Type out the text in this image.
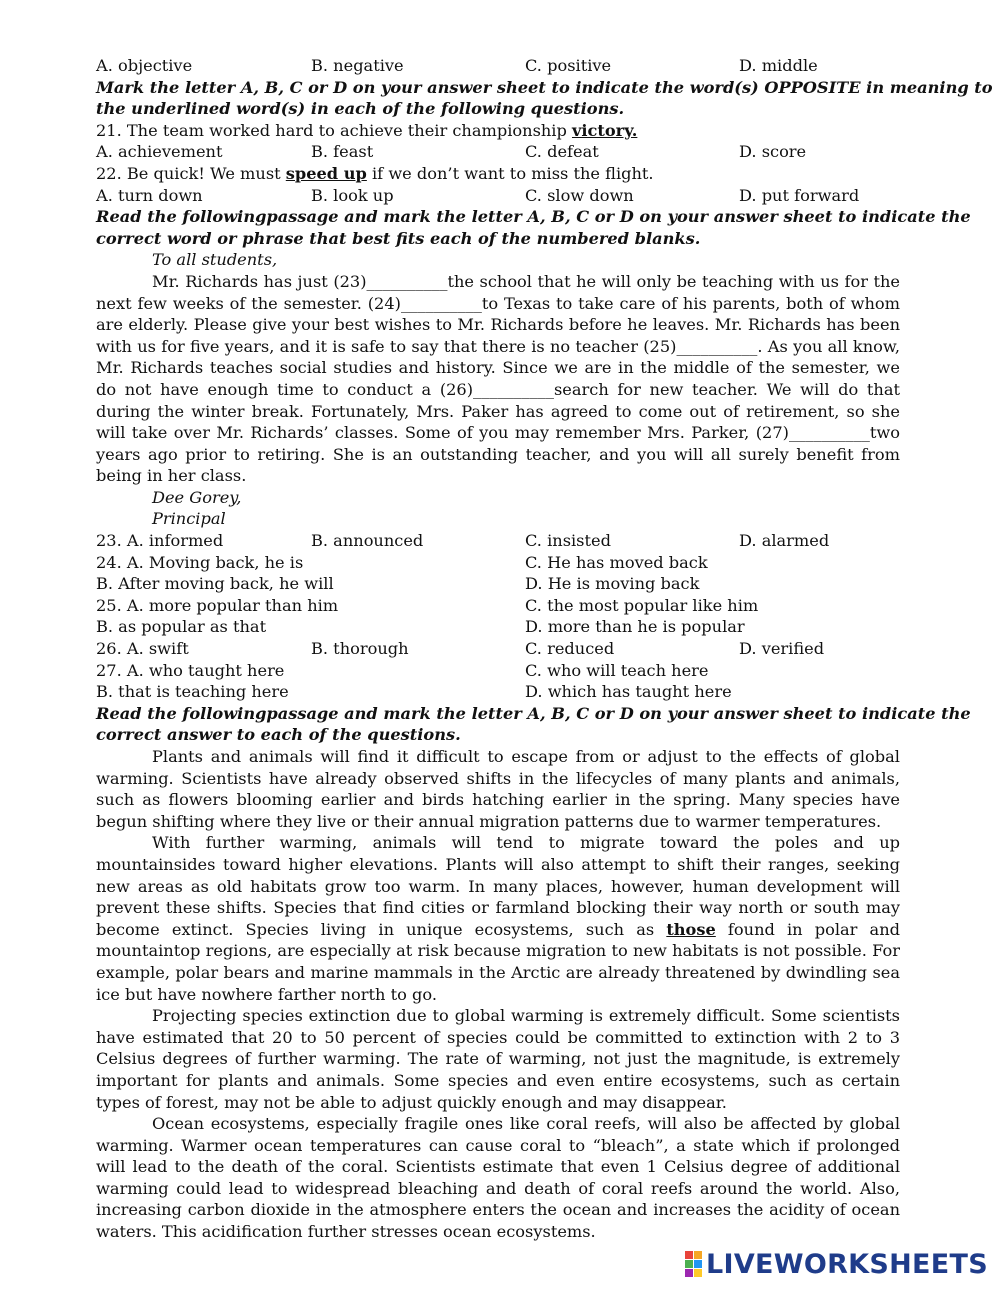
A. objective	B. negative	C. positive	D. middle
Mark the letter A, B, C or D on your answer sheet to indicate the word(s) OPPOSITE in meaning to
the underlined word(s) in each of the following questions.
21. The team worked hard to achieve their championship victory.
A. achievement	B. feast	C. defeat	D. score
22. Be quick! We must speed up if we don’t want to miss the flight.
A. turn down	B. look up	C. slow down	D. put forward
Read the followingpassage and mark the letter A, B, C or D on your answer sheet to indicate the
correct word or phrase that best fits each of the numbered blanks.
To all students,

Mr. Richards has just (23)__________the school that he will only be teaching with us for the next few weeks of the semester. (24)__________to Texas to take care of his parents, both of whom are elderly. Please give your best wishes to Mr. Richards before he leaves. Mr. Richards has been with us for five years, and it is safe to say that there is no teacher (25)__________. As you all know, Mr. Richards teaches social studies and history. Since we are in the middle of the semester, we do not have enough time to conduct a (26)__________search for new teacher. We will do that during the winter break. Fortunately, Mrs. Paker has agreed to come out of retirement, so she will take over Mr. Richards’ classes. Some of you may remember Mrs. Parker, (27)__________two years ago prior to retiring. She is an outstanding teacher, and you will all surely benefit from being in her class.

Dee Gorey,
Principal
23. A. informed	B. announced	C. insisted	D. alarmed
24. A. Moving back, he is	C. He has moved back
B. After moving back, he will	D. He is moving back
25. A. more popular than him	C. the most popular like him
B. as popular as that	D. more than he is popular
26. A. swift	B. thorough	C. reduced	D. verified
27. A. who taught here	C. who will teach here
B. that is teaching here	D. which has taught here
Read the followingpassage and mark the letter A, B, C or D on your answer sheet to indicate the
correct answer to each of the questions.

Plants and animals will find it difficult to escape from or adjust to the effects of global warming. Scientists have already observed shifts in the lifecycles of many plants and animals, such as flowers blooming earlier and birds hatching earlier in the spring. Many species have begun shifting where they live or their annual migration patterns due to warmer temperatures.

With further warming, animals will tend to migrate toward the poles and up mountainsides toward higher elevations. Plants will also attempt to shift their ranges, seeking new areas as old habitats grow too warm. In many places, however, human development will prevent these shifts. Species that find cities or farmland blocking their way north or south may become extinct. Species living in unique ecosystems, such as those found in polar and mountaintop regions, are especially at risk because migration to new habitats is not possible. For example, polar bears and marine mammals in the Arctic are already threatened by dwindling sea ice but have nowhere farther north to go.

Projecting species extinction due to global warming is extremely difficult. Some scientists have estimated that 20 to 50 percent of species could be committed to extinction with 2 to 3 Celsius degrees of further warming. The rate of warming, not just the magnitude, is extremely important for plants and animals. Some species and even entire ecosystems, such as certain types of forest, may not be able to adjust quickly enough and may disappear.

Ocean ecosystems, especially fragile ones like coral reefs, will also be affected by global warming. Warmer ocean temperatures can cause coral to “bleach”, a state which if prolonged will lead to the death of the coral. Scientists estimate that even 1 Celsius degree of additional warming could lead to widespread bleaching and death of coral reefs around the world. Also, increasing carbon dioxide in the atmosphere enters the ocean and increases the acidity of ocean waters. This acidification further stresses ocean ecosystems.

LIVEWORKSHEETS
